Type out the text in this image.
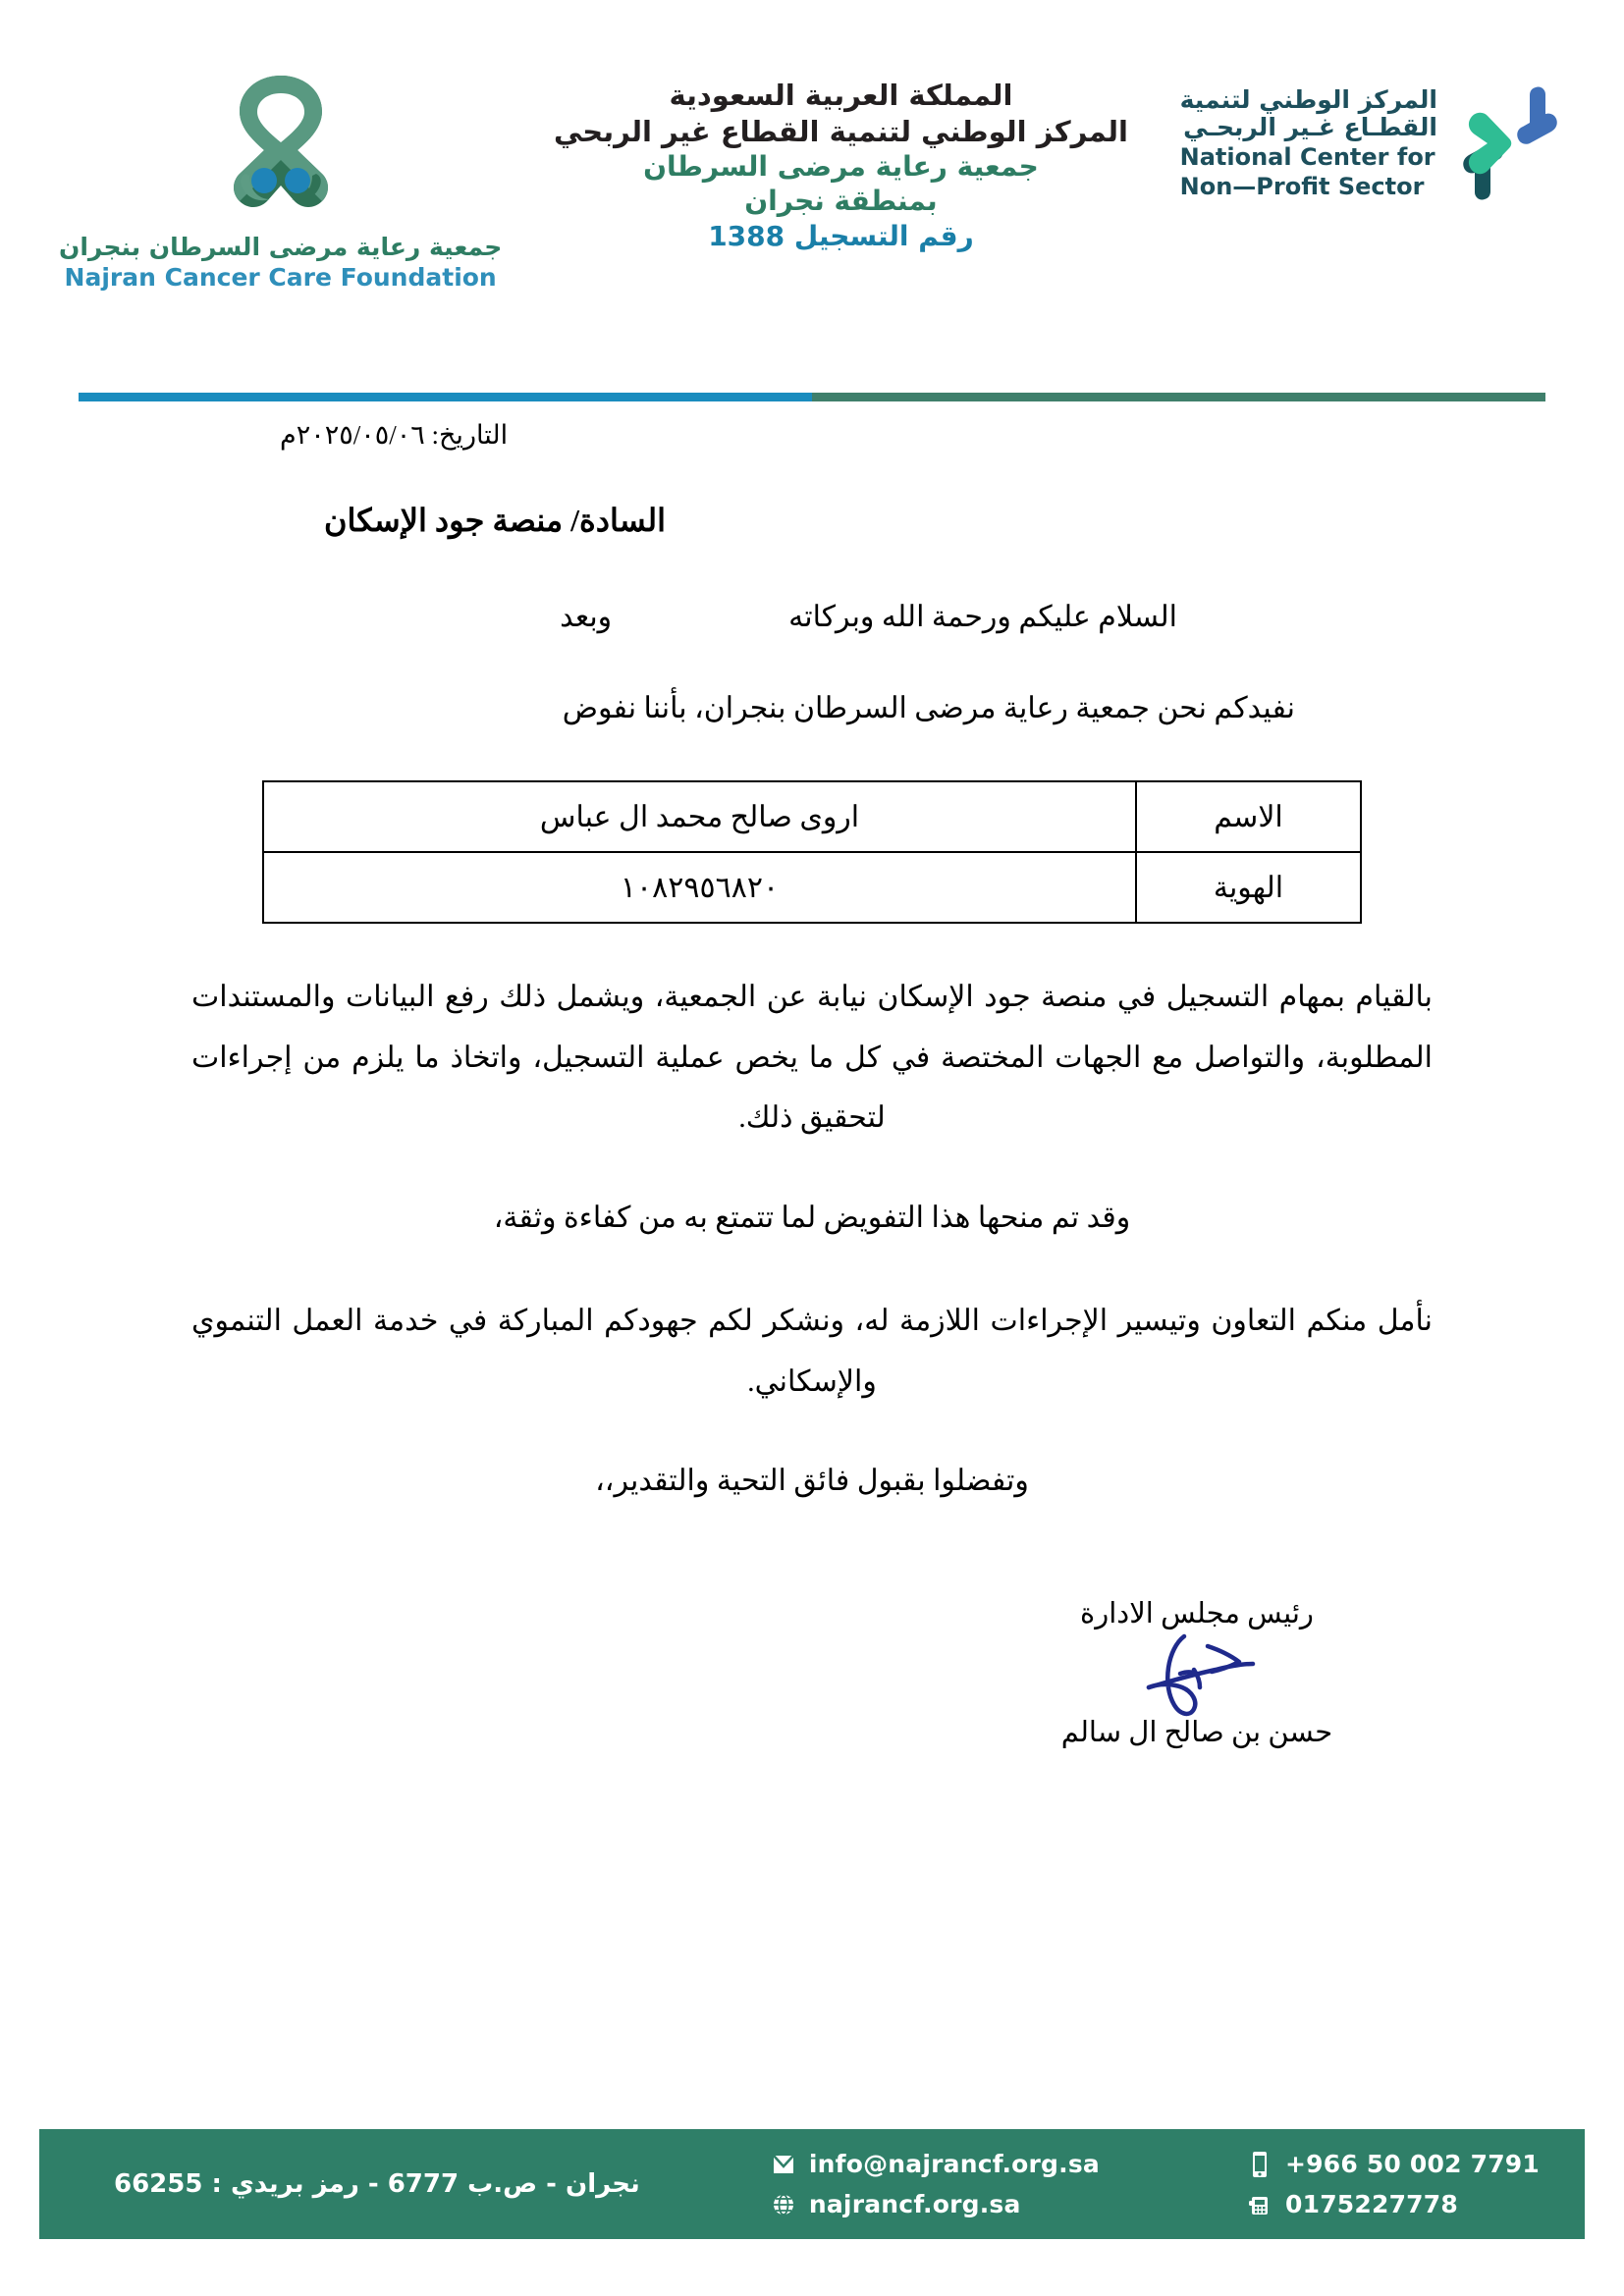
المركز الوطني لتنمية
القطـاع غـير الربحـي
National Center for
Non—Profit Sector
المملكة العربية السعودية
المركز الوطني لتنمية القطاع غير الربحي
جمعية رعاية مرضى السرطان
بمنطقة نجران
رقم التسجيل 1388
جمعية رعاية مرضى السرطان بنجران
Najran Cancer Care Foundation
التاريخ: ٢٠٢٥/٠٥/٠٦م
السادة/ منصة جود الإسكان
السلام عليكم ورحمة الله وبركاته
وبعد
نفيدكم نحن جمعية رعاية مرضى السرطان بنجران، بأننا نفوض
الاسم	اروى صالح محمد ال عباس
الهوية	١٠٨٢٩٥٦٨٢٠
بالقيام بمهام التسجيل في منصة جود الإسكان نيابة عن الجمعية، ويشمل ذلك رفع البيانات والمستندات المطلوبة، والتواصل مع الجهات المختصة في كل ما يخص عملية التسجيل، واتخاذ ما يلزم من إجراءات لتحقيق ذلك.
وقد تم منحها هذا التفويض لما تتمتع به من كفاءة وثقة،
نأمل منكم التعاون وتيسير الإجراءات اللازمة له، ونشكر لكم جهودكم المباركة في خدمة العمل التنموي والإسكاني.
وتفضلوا بقبول فائق التحية والتقدير،،
رئيس مجلس الادارة
حسن بن صالح ال سالم
+966 50 002 7791
0175227778
info@najrancf.org.sa
najrancf.org.sa
نجران - ص.ب 6777 - رمز بريدي : 66255
